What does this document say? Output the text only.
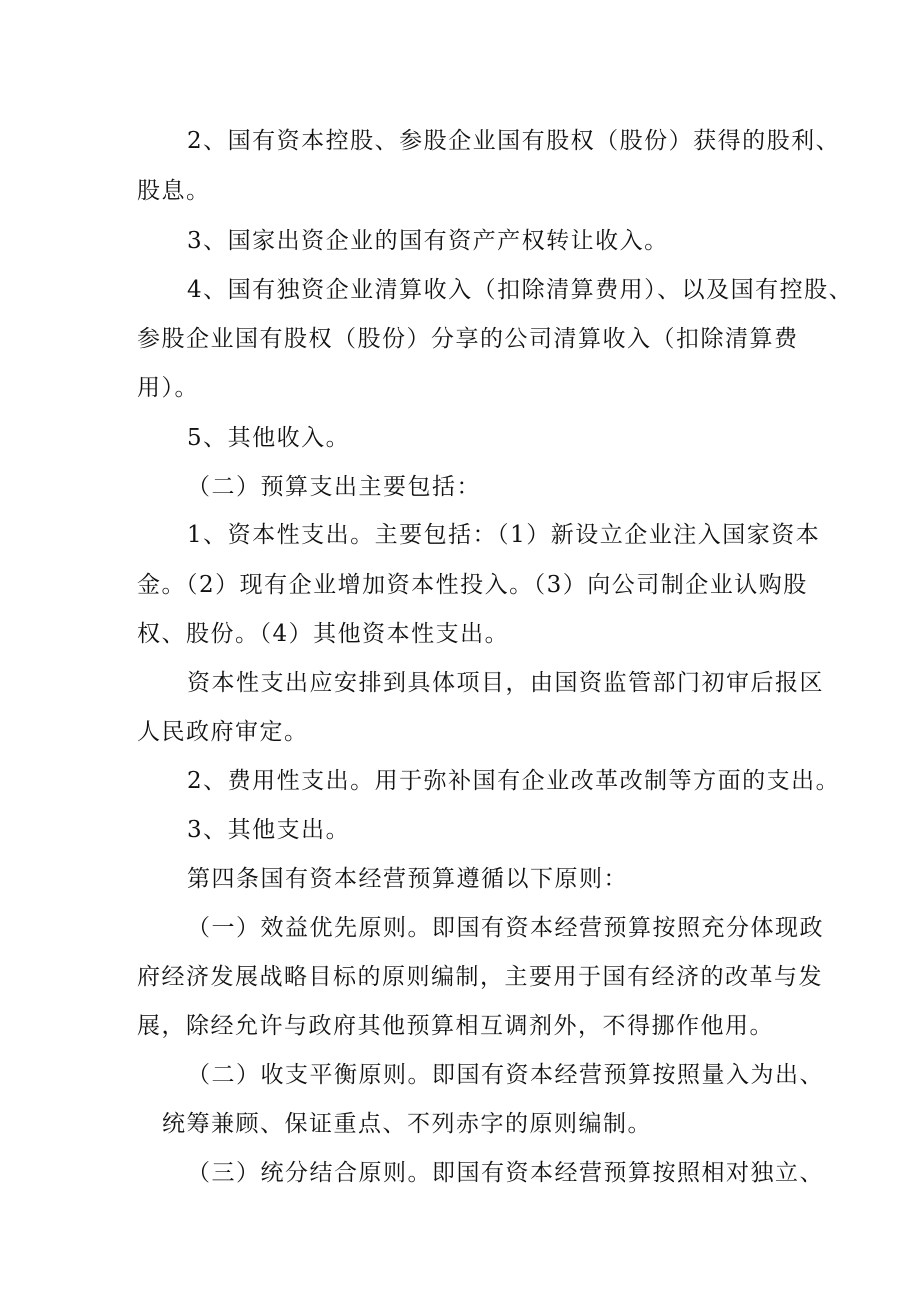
2、国有资本控股、参股企业国有股权（股份）获得的股利、

股息。

3、国家出资企业的国有资产产权转让收入。

4、国有独资企业清算收入（扣除清算费用）、以及国有控股、

参股企业国有股权（股份）分享的公司清算收入（扣除清算费

用）。

5、其他收入。

（二）预算支出主要包括：

1、资本性支出。主要包括：（1）新设立企业注入国家资本

金。（2）现有企业增加资本性投入。（3）向公司制企业认购股

权、股份。（4）其他资本性支出。

资本性支出应安排到具体项目，由国资监管部门初审后报区

人民政府审定。

2、费用性支出。用于弥补国有企业改革改制等方面的支出。

3、其他支出。

第四条国有资本经营预算遵循以下原则：

（一）效益优先原则。即国有资本经营预算按照充分体现政

府经济发展战略目标的原则编制，主要用于国有经济的改革与发

展，除经允许与政府其他预算相互调剂外，不得挪作他用。

（二）收支平衡原则。即国有资本经营预算按照量入为出、

统筹兼顾、保证重点、不列赤字的原则编制。

（三）统分结合原则。即国有资本经营预算按照相对独立、
